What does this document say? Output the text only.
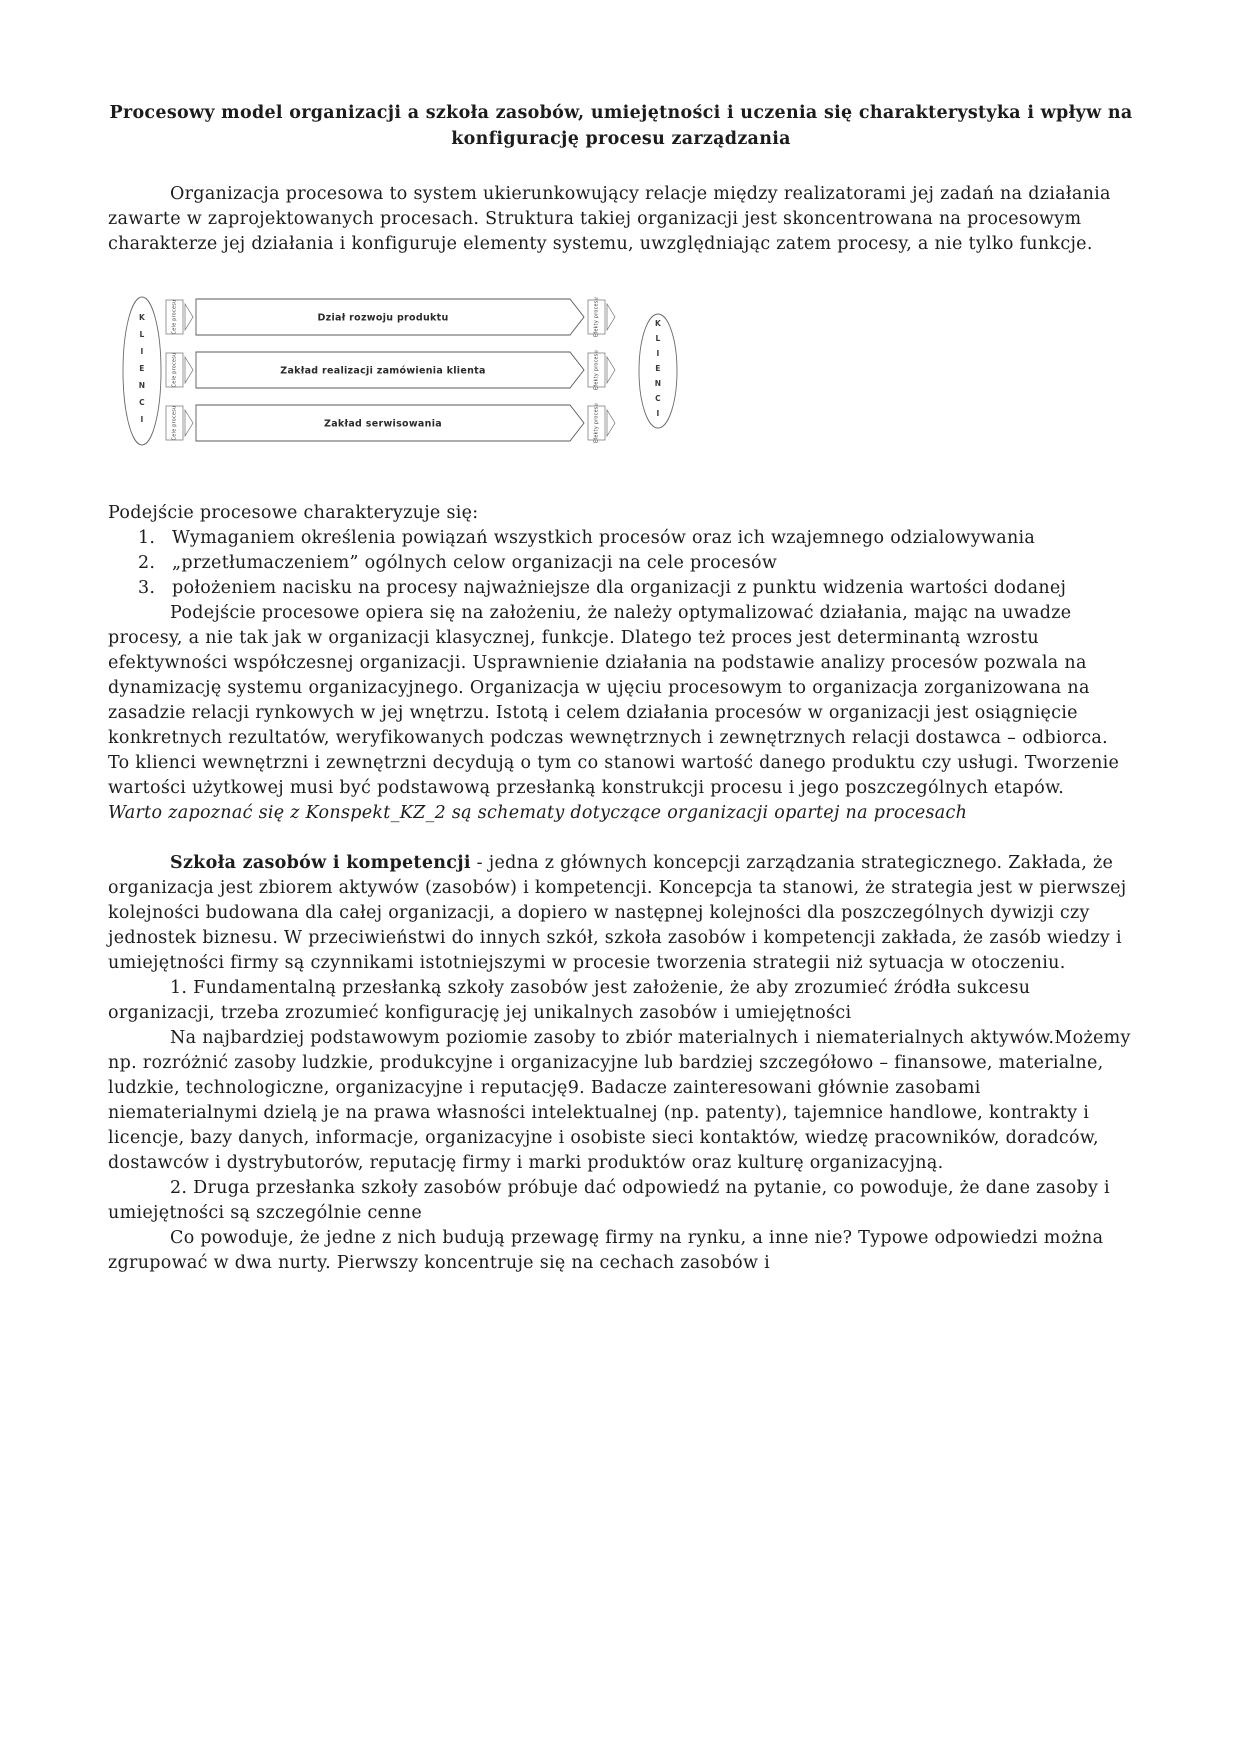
Procesowy model organizacji a szkoła zasobów, umiejętności i uczenia się charakterystyka i wpływ na konfigurację procesu zarządzania

Organizacja procesowa to system ukierunkowujący relacje między realizatorami jej zadań na działania zawarte w zaprojektowanych procesach. Struktura takiej organizacji jest skoncentrowana na procesowym charakterze jej działania i konfiguruje elementy systemu, uwzględniając zatem procesy, a nie tylko funkcje.

K
L
I
E
N
C
I
Cele procesu	Dział rozwoju produktu	Efekty procesu
Cele procesu	Zakład realizacji zamówienia klienta	Efekty procesu
Cele procesu	Zakład serwisowania	Efekty procesu
K
L
I
E
N
C
I

Podejście procesowe charakteryzuje się:

1. Wymaganiem określenia powiązań wszystkich procesów oraz ich wzajemnego odzialowywania
2. „przetłumaczeniem” ogólnych celow organizacji na cele procesów
3. położeniem nacisku na procesy najważniejsze dla organizacji z punktu widzenia wartości dodanej

Podejście procesowe opiera się na założeniu, że należy optymalizować działania, mając na uwadze procesy, a nie tak jak w organizacji klasycznej, funkcje. Dlatego też proces jest determinantą wzrostu efektywności współczesnej organizacji. Usprawnienie działania na podstawie analizy procesów pozwala na dynamizację systemu organizacyjnego. Organizacja w ujęciu procesowym to organizacja zorganizowana na zasadzie relacji rynkowych w jej wnętrzu. Istotą i celem działania procesów w organizacji jest osiągnięcie konkretnych rezultatów, weryfikowanych podczas wewnętrznych i zewnętrznych relacji dostawca – odbiorca. To klienci wewnętrzni i zewnętrzni decydują o tym co stanowi wartość danego produktu czy usługi. Tworzenie wartości użytkowej musi być podstawową przesłanką konstrukcji procesu i jego poszczególnych etapów.

Warto zapoznać się z Konspekt_KZ_2 są schematy dotyczące organizacji opartej na procesach

Szkoła zasobów i kompetencji - jedna z głównych koncepcji zarządzania strategicznego. Zakłada, że organizacja jest zbiorem aktywów (zasobów) i kompetencji. Koncepcja ta stanowi, że strategia jest w pierwszej kolejności budowana dla całej organizacji, a dopiero w następnej kolejności dla poszczególnych dywizji czy jednostek biznesu. W przeciwieństwi do innych szkół, szkoła zasobów i kompetencji zakłada, że zasób wiedzy i umiejętności firmy są czynnikami istotniejszymi w procesie tworzenia strategii niż sytuacja w otoczeniu.

1. Fundamentalną przesłanką szkoły zasobów jest założenie, że aby zrozumieć źródła sukcesu organizacji, trzeba zrozumieć konfigurację jej unikalnych zasobów i umiejętności

Na najbardziej podstawowym poziomie zasoby to zbiór materialnych i niematerialnych aktywów.Możemy np. rozróżnić zasoby ludzkie, produkcyjne i organizacyjne lub bardziej szczegółowo – finansowe, materialne, ludzkie, technologiczne, organizacyjne i reputację9. Badacze zainteresowani głównie zasobami niematerialnymi dzielą je na prawa własności intelektualnej (np. patenty), tajemnice handlowe, kontrakty i licencje, bazy danych, informacje, organizacyjne i osobiste sieci kontaktów, wiedzę pracowników, doradców, dostawców i dystrybutorów, reputację firmy i marki produktów oraz kulturę organizacyjną.

2. Druga przesłanka szkoły zasobów próbuje dać odpowiedź na pytanie, co powoduje, że dane zasoby i umiejętności są szczególnie cenne

Co powoduje, że jedne z nich budują przewagę firmy na rynku, a inne nie? Typowe odpowiedzi można zgrupować w dwa nurty. Pierwszy koncentruje się na cechach zasobów i
